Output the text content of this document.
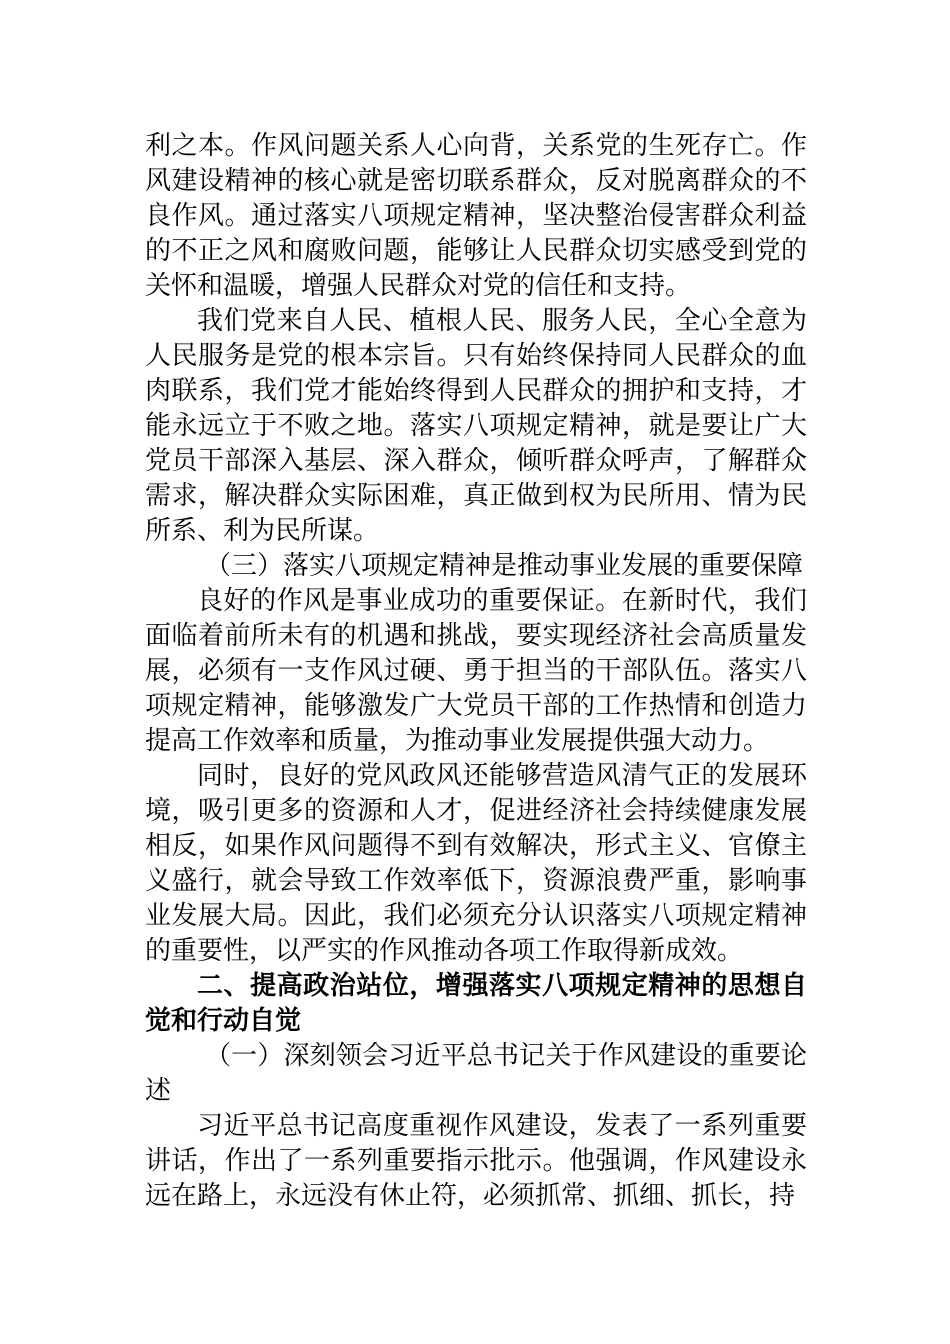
利之本。作风问题关系人心向背，关系党的生死存亡。作风建设精神的核心就是密切联系群众，反对脱离群众的不良作风。通过落实八项规定精神，坚决整治侵害群众利益的不正之风和腐败问题，能够让人民群众切实感受到党的关怀和温暖，增强人民群众对党的信任和支持。

我们党来自人民、植根人民、服务人民，全心全意为人民服务是党的根本宗旨。只有始终保持同人民群众的血肉联系，我们党才能始终得到人民群众的拥护和支持，才能永远立于不败之地。落实八项规定精神，就是要让广大党员干部深入基层、深入群众，倾听群众呼声，了解群众需求，解决群众实际困难，真正做到权为民所用、情为民所系、利为民所谋。

（三）落实八项规定精神是推动事业发展的重要保障

良好的作风是事业成功的重要保证。在新时代，我们面临着前所未有的机遇和挑战，要实现经济社会高质量发展，必须有一支作风过硬、勇于担当的干部队伍。落实八项规定精神，能够激发广大党员干部的工作热情和创造力提高工作效率和质量，为推动事业发展提供强大动力。

同时，良好的党风政风还能够营造风清气正的发展环境，吸引更多的资源和人才，促进经济社会持续健康发展相反，如果作风问题得不到有效解决，形式主义、官僚主义盛行，就会导致工作效率低下，资源浪费严重，影响事业发展大局。因此，我们必须充分认识落实八项规定精神的重要性，以严实的作风推动各项工作取得新成效。

二、提高政治站位，增强落实八项规定精神的思想自觉和行动自觉

（一）深刻领会习近平总书记关于作风建设的重要论述

习近平总书记高度重视作风建设，发表了一系列重要讲话，作出了一系列重要指示批示。他强调，作风建设永远在路上，永远没有休止符，必须抓常、抓细、抓长，持
